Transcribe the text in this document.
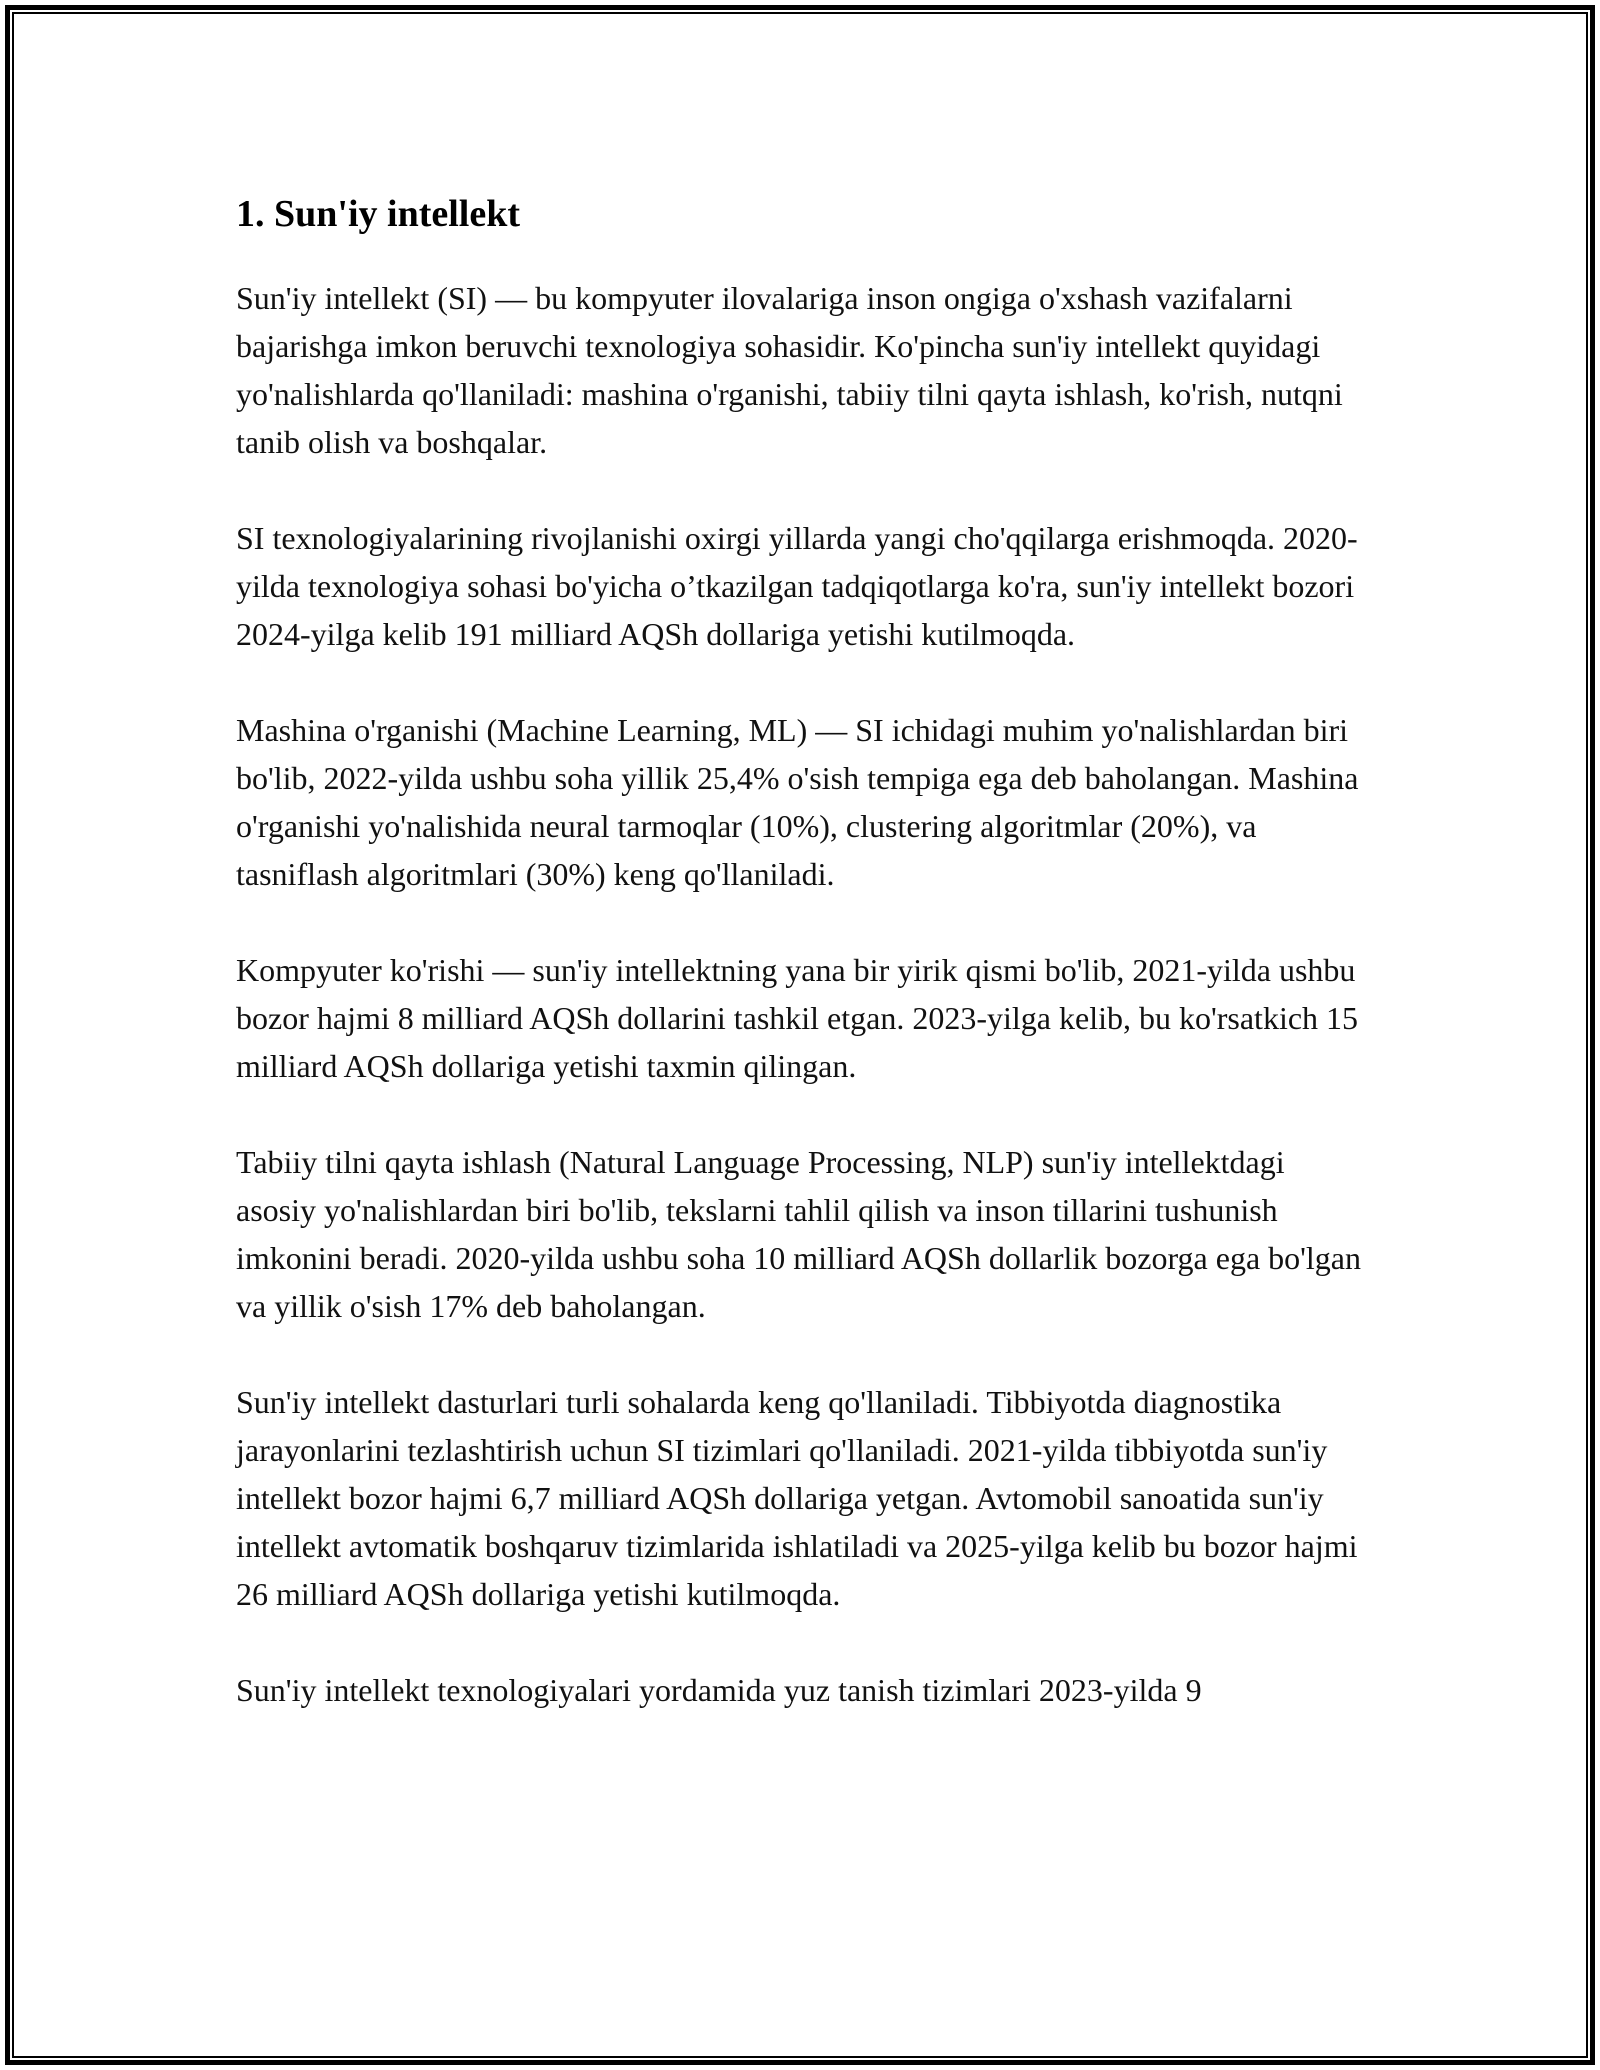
1. Sun'iy intellekt

Sun'iy intellekt (SI) — bu kompyuter ilovalariga inson ongiga o'xshash vazifalarni bajarishga imkon beruvchi texnologiya sohasidir. Ko'pincha sun'iy intellekt quyidagi yo'nalishlarda qo'llaniladi: mashina o'rganishi, tabiiy tilni qayta ishlash, ko'rish, nutqni tanib olish va boshqalar.

SI texnologiyalarining rivojlanishi oxirgi yillarda yangi cho'qqilarga erishmoqda. 2020-yilda texnologiya sohasi bo'yicha o’tkazilgan tadqiqotlarga ko'ra, sun'iy intellekt bozori 2024-yilga kelib 191 milliard AQSh dollariga yetishi kutilmoqda.

Mashina o'rganishi (Machine Learning, ML) — SI ichidagi muhim yo'nalishlardan biri bo'lib, 2022-yilda ushbu soha yillik 25,4% o'sish tempiga ega deb baholangan. Mashina o'rganishi yo'nalishida neural tarmoqlar (10%), clustering algoritmlar (20%), va tasniflash algoritmlari (30%) keng qo'llaniladi.

Kompyuter ko'rishi — sun'iy intellektning yana bir yirik qismi bo'lib, 2021-yilda ushbu bozor hajmi 8 milliard AQSh dollarini tashkil etgan. 2023-yilga kelib, bu ko'rsatkich 15 milliard AQSh dollariga yetishi taxmin qilingan.

Tabiiy tilni qayta ishlash (Natural Language Processing, NLP) sun'iy intellektdagi asosiy yo'nalishlardan biri bo'lib, tekslarni tahlil qilish va inson tillarini tushunish imkonini beradi. 2020-yilda ushbu soha 10 milliard AQSh dollarlik bozorga ega bo'lgan va yillik o'sish 17% deb baholangan.

Sun'iy intellekt dasturlari turli sohalarda keng qo'llaniladi. Tibbiyotda diagnostika jarayonlarini tezlashtirish uchun SI tizimlari qo'llaniladi. 2021-yilda tibbiyotda sun'iy intellekt bozor hajmi 6,7 milliard AQSh dollariga yetgan. Avtomobil sanoatida sun'iy intellekt avtomatik boshqaruv tizimlarida ishlatiladi va 2025-yilga kelib bu bozor hajmi 26 milliard AQSh dollariga yetishi kutilmoqda.

Sun'iy intellekt texnologiyalari yordamida yuz tanish tizimlari 2023-yilda 9
